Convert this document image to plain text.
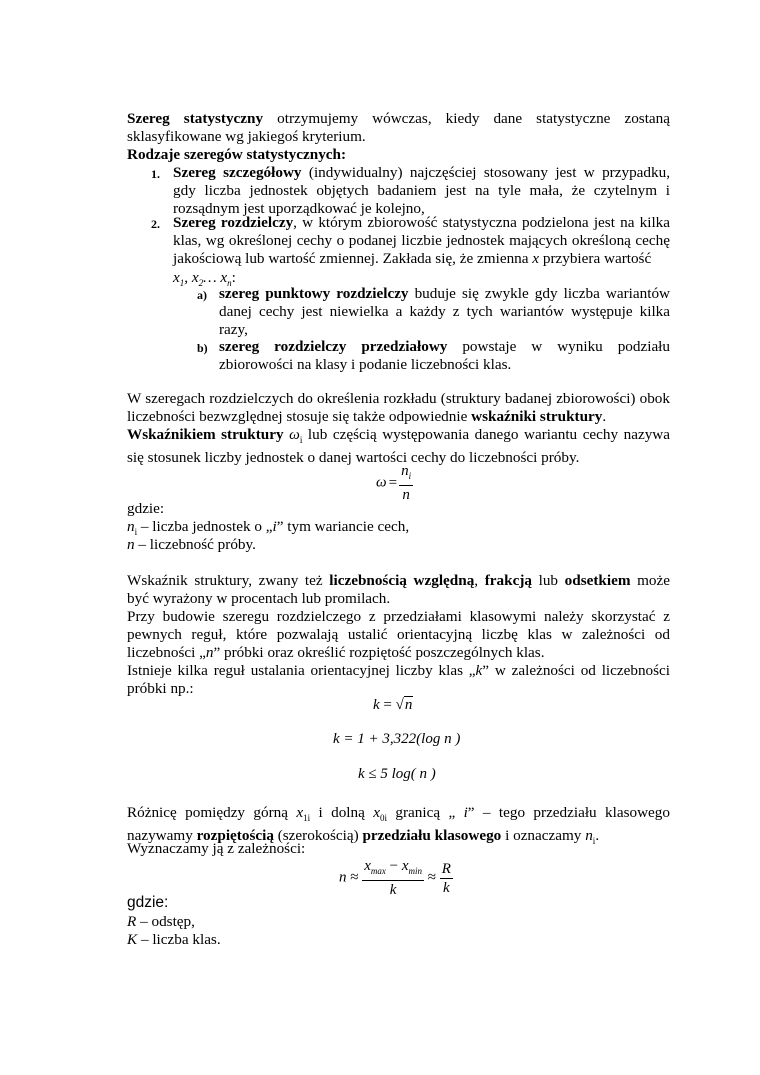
Szereg statystyczny otrzymujemy wówczas, kiedy dane statystyczne zostaną sklasyfikowane wg jakiegoś kryterium.

Rodzaje szeregów statystycznych:

1. Szereg szczegółowy (indywidualny) najczęściej stosowany jest w przypadku, gdy liczba jednostek objętych badaniem jest na tyle mała, że czytelnym i rozsądnym jest uporządkować je kolejno,
2. Szereg rozdzielczy, w którym zbiorowość statystyczna podzielona jest na kilka klas, wg określonej cechy o podanej liczbie jednostek mających określoną cechę jakościową lub wartość zmiennej. Zakłada się, że zmienna x przybiera wartość
$x_1$, $x_2\dots$ $x_n$:
a) szereg punktowy rozdzielczy buduje się zwykle gdy liczba wariantów danej cechy jest niewielka a każdy z tych wariantów występuje kilka razy,
b) szereg rozdzielczy przedziałowy powstaje w wyniku podziału zbiorowości na klasy i podanie liczebności klas.

W szeregach rozdzielczych do określenia rozkładu (struktury badanej zbiorowości) obok liczebności bezwzględnej stosuje się także odpowiednie wskaźniki struktury.

Wskaźnikiem struktury $\omega_i$ lub częścią występowania danego wariantu cechy nazywa się stosunek liczby jednostek o danej wartości cechy do liczebności próby.

$\omega = \frac{n_i}{n}$

gdzie:

$n_i$ – liczba jednostek o „i” tym wariancie cech,

n – liczebność próby.

Wskaźnik struktury, zwany też liczebnością względną, frakcją lub odsetkiem może być wyrażony w procentach lub promilach.

Przy budowie szeregu rozdzielczego z przedziałami klasowymi należy skorzystać z pewnych reguł, które pozwalają ustalić orientacyjną liczbę klas w zależności od liczebności „n” próbki oraz określić rozpiętość poszczególnych klas.

Istnieje kilka reguł ustalania orientacyjnej liczby klas „k” w zależności od liczebności próbki np.:

k = √n
k = 1 + 3,322(log n )
k ≤ 5 log( n )

Różnicę pomiędzy górną $x_{1i}$ i dolną $x_{0i}$ granicą „ i” – tego przedziału klasowego nazywamy rozpiętością (szerokością) przedziału klasowego i oznaczamy $n_i$.

Wyznaczamy ją z zależności:

$n \approx \frac{x_{max} - x_{min}}{k} \approx \frac{R}{k}$

gdzie:

R – odstęp,

K – liczba klas.
